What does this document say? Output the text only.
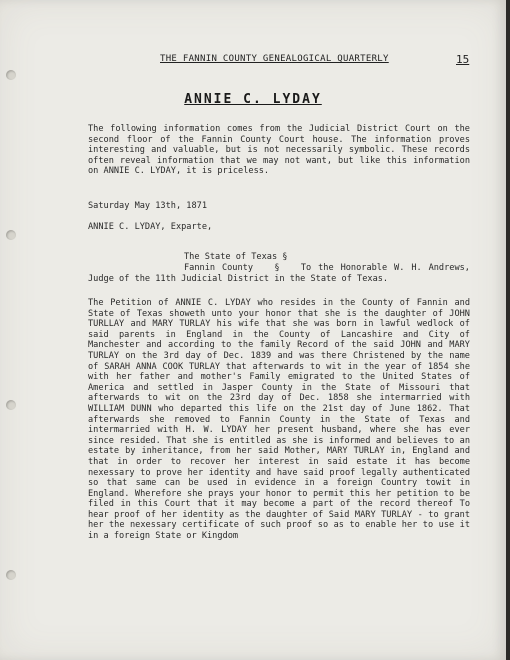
THE FANNIN COUNTY GENEALOGICAL QUARTERLY	15
ANNIE C. LYDAY
The following information comes from the Judicial District Court on the second floor of the Fannin County Court house. The information proves interesting and valuable, but is not necessarily symbolic. These records often reveal information that we may not want, but like this information on ANNIE C. LYDAY, it is priceless.
Saturday May 13th, 1871
ANNIE C. LYDAY, Exparte,
The State of Texas §
Fannin County § To the Honorable W. H. Andrews, Judge of the 11th Judicial District in the State of Texas.
The Petition of ANNIE C. LYDAY who resides in the County of Fannin and State of Texas showeth unto your honor that she is the daughter of JOHN TURLLAY and MARY TURLAY his wife that she was born in lawful wedlock of said parents in England in the County of Lancashire and City of Manchester and according to the family Record of the said JOHN and MARY TURLAY on the 3rd day of Dec. 1839 and was there Christened by the name of SARAH ANNA COOK TURLAY that afterwards to wit in the year of 1854 she with her father and mother's Family emigrated to the United States of America and settled in Jasper County in the State of Missouri that afterwards to wit on the 23rd day of Dec. 1858 she intermarried with WILLIAM DUNN who departed this life on the 21st day of June 1862. That afterwards she removed to Fannin County in the State of Texas and intermarried with H. W. LYDAY her present husband, where she has ever since resided. That she is entitled as she is informed and believes to an estate by inheritance, from her said Mother, MARY TURLAY in, England and that in order to recover her interest in said estate it has become nexessary to prove her identity and have said proof legally authenticated so that same can be used in evidence in a foreign Country towit in England. Wherefore she prays your honor to permit this her petition to be filed in this Court that it may become a part of the record thereof To hear proof of her identity as the daughter of Said MARY TURLAY - to grant her the nexessary certificate of such proof so as to enable her to use it in a foreign State or Kingdom
